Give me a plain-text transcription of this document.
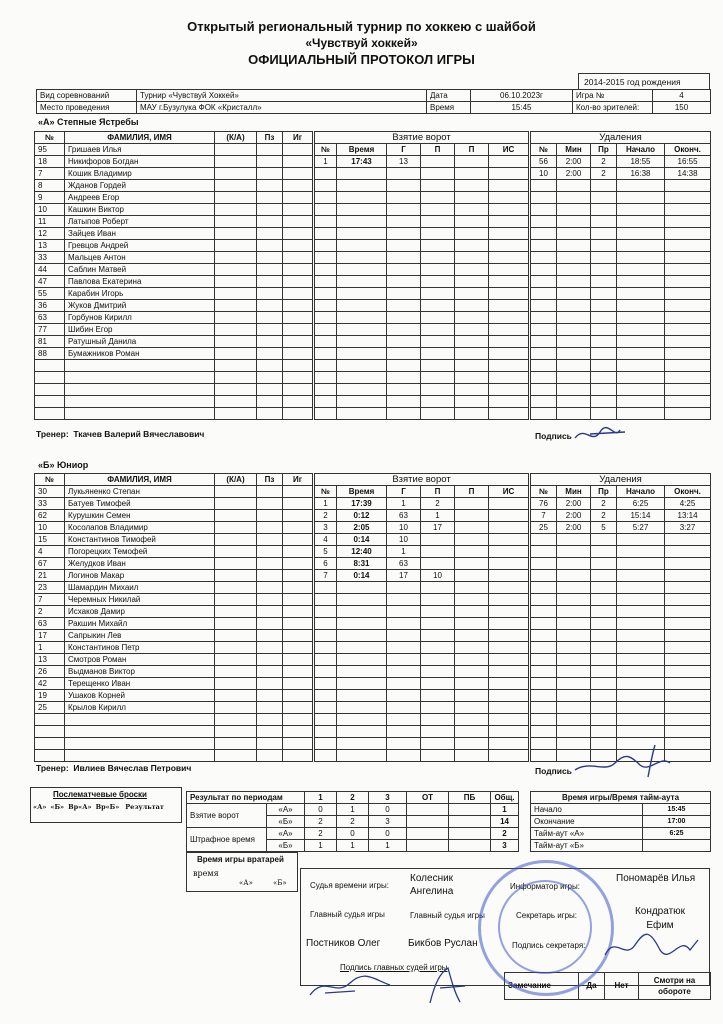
Открытый региональный турнир по хоккею с шайбой
«Чувствуй хоккей»
ОФИЦИАЛЬНЫЙ ПРОТОКОЛ ИГРЫ
2014-2015 год рождения
Вид соревнований	Турнир «Чувствуй Хоккей»	Дата	06.10.2023г	Игра №	4
Место проведения	МАУ г.Бузулука ФОК «Кристалл»	Время	15:45	Кол-во зрителей:	150
«А» Степные Ястребы
№	ФАМИЛИЯ, ИМЯ	(К/А)	Пз	Иг
95	Гришаев Илья			
18	Никифоров Богдан			
7	Кошик Владимир			
8	Жданов Гордей			
9	Андреев Егор			
10	Кашкин Виктор			
11	Латыпов Роберт			
12	Зайцев Иван			
13	Гревцов Андрей			
33	Мальцев Антон			
44	Саблин Матвей			
47	Павлова Екатерина			
55	Карабин Игорь			
36	Жуков Дмитрий			
63	Горбунов Кирилл			
77	Шибин Егор			
81	Ратушный Данила			
88	Бумажников Роман			

Взятие ворот					
№	Время	Г	П	П	ИС
1	17:43	13			

Удаления				
№	Мин	Пр	Начало	Оконч.
56	2:00	2	18:55	16:55
10	2:00	2	16:38	14:38

Тренер: Ткачев Валерий Вячеславович	Подпись
«Б» Юниор
№	ФАМИЛИЯ, ИМЯ	(К/А)	Пз	Иг
30	Лукьяненко Степан			
33	Батуев Тимофей			
62	Курушкин Семен			
10	Косолапов Владимир			
15	Константинов Тимофей			
4	Погорецких Темофей			
67	Желудков Иван			
21	Логинов Макар			
23	Шамардин Михаил			
7	Черемных Никилай			
2	Исхаков Дамир			
63	Ракшин Михайл			
17	Сапрыкин Лев			
1	Константинов Петр			
13	Смотров Роман			
26	Выдманов Виктор			
42	Терещенко Иван			
19	Ушаков Корней			
25	Крылов Кирилл			

Взятие ворот					
№	Время	Г	П	П	ИС
1	17:39	1	2		
2	0:12	63	1		
3	2:05	10	17		
4	0:14	10			
5	12:40	1			
6	8:31	63			
7	0:14	17	10		

Удаления				
№	Мин	Пр	Начало	Оконч.
76	2:00	2	6:25	4:25
7	2:00	2	15:14	13:14
25	2:00	5	5:27	3:27

Тренер: Ивлиев Вячеслав Петрович	Подпись
Послематчевые броски
«А» «Б» Вр«А» Вр«Б» Результат
Результат по периодам		1	2	3	ОТ	ПБ	Общ.
Взятие ворот	«А»	0	1	0			1
	«Б»	2	2	3			14
Штрафное время	«А»	2	0	0			2
	«Б»	1	1	1			3
Время игры/Время тайм-аута	
Начало	15:45
Окончание	17:00
Тайм-аут «А»	6:25
Тайм-аут «Б»	
Время игры вратарей
время
«А»	«Б»	Судья времени игры:
Колесник Ангелина	Информатор игры:
Пономарёв Илья
Главный судья игры	Главный судья игры	Секретарь игры:	Кондратюк Ефим
Постников Олег	Бикбов Руслан	Подпись секретаря:
Подпись главных судей игры
Замечание	Да	Нет	Смотри на обороте
